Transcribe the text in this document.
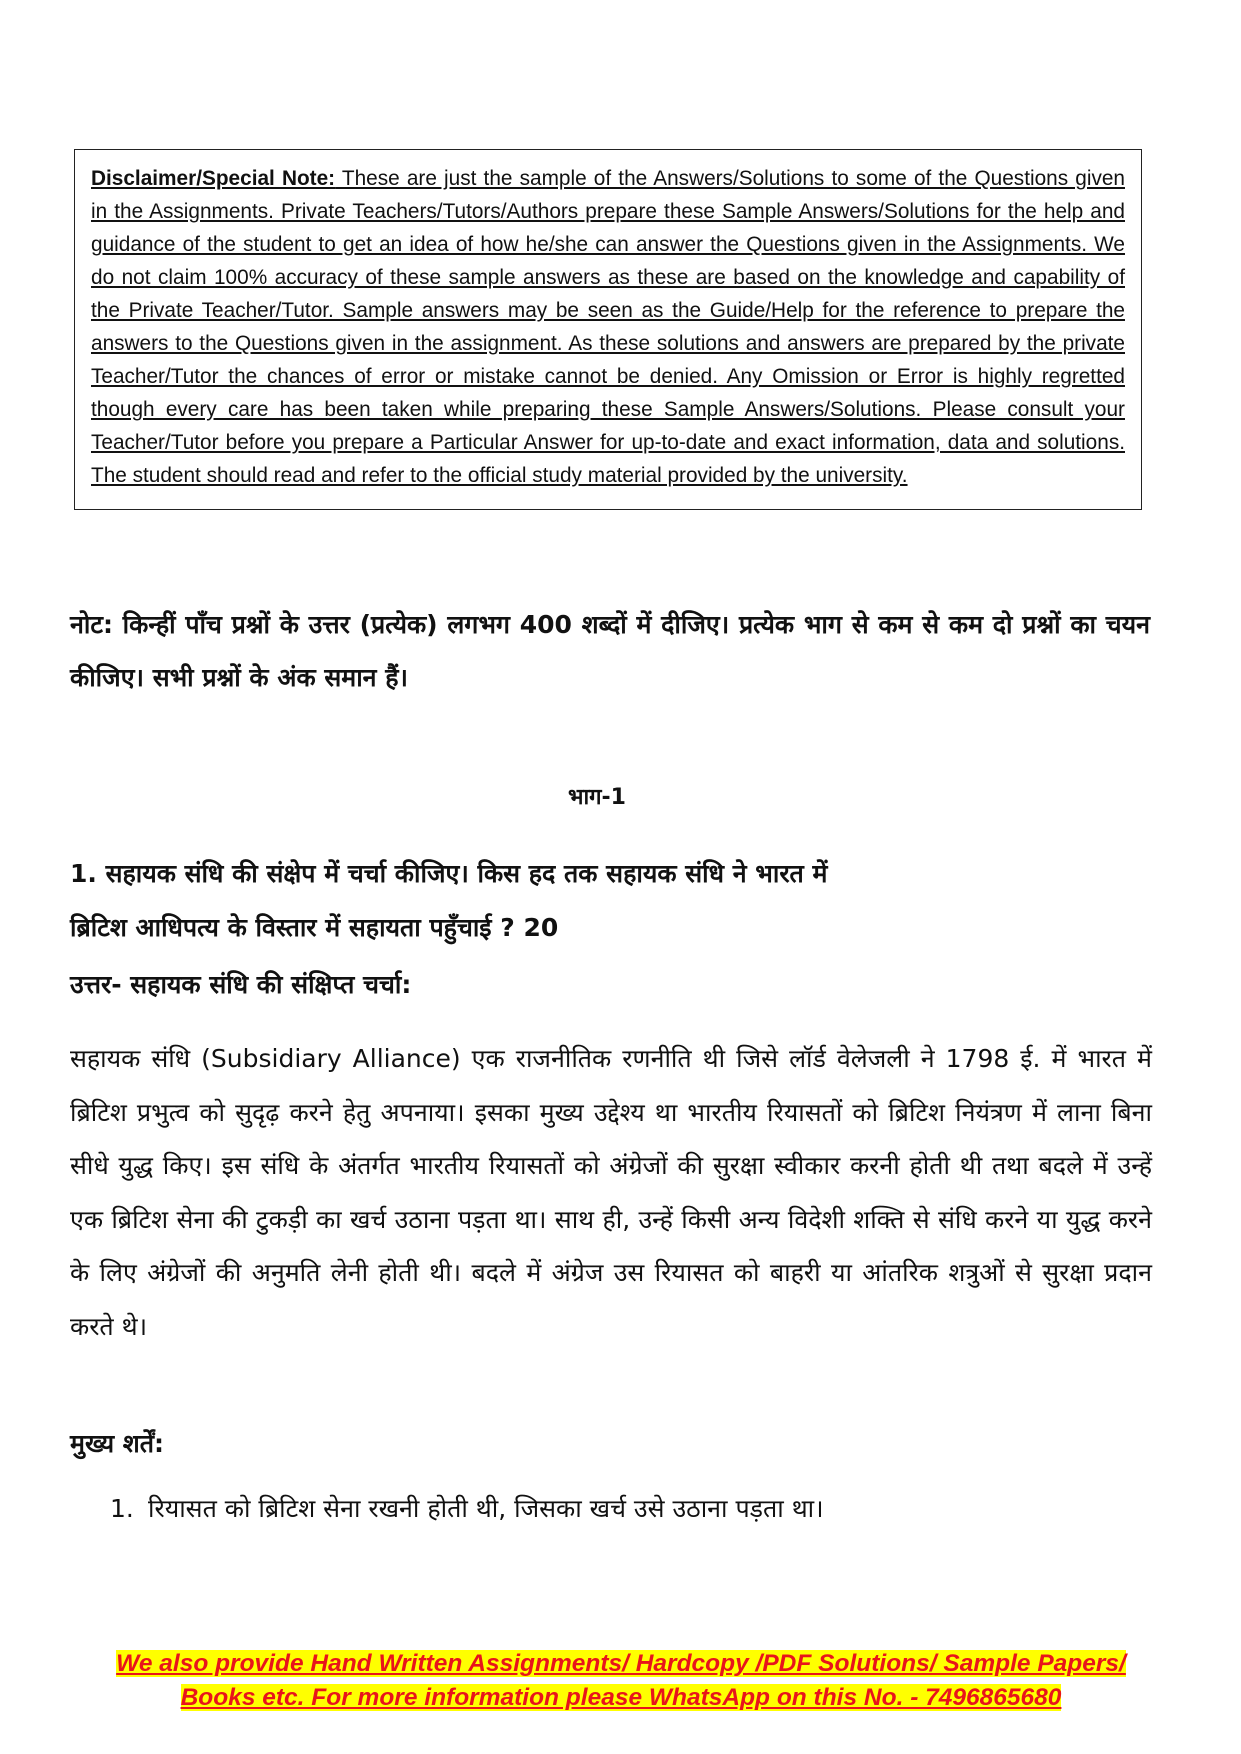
Disclaimer/Special Note: These are just the sample of the Answers/Solutions to some of the Questions given in the Assignments. Private Teachers/Tutors/Authors prepare these Sample Answers/Solutions for the help and guidance of the student to get an idea of how he/she can answer the Questions given in the Assignments. We do not claim 100% accuracy of these sample answers as these are based on the knowledge and capability of the Private Teacher/Tutor. Sample answers may be seen as the Guide/Help for the reference to prepare the answers to the Questions given in the assignment. As these solutions and answers are prepared by the private Teacher/Tutor the chances of error or mistake cannot be denied. Any Omission or Error is highly regretted though every care has been taken while preparing these Sample Answers/Solutions. Please consult your Teacher/Tutor before you prepare a Particular Answer for up-to-date and exact information, data and solutions. The student should read and refer to the official study material provided by the university.
नोट: किन्हीं पाँच प्रश्नों के उत्तर (प्रत्येक) लगभग 400 शब्दों में दीजिए। प्रत्येक भाग से कम से कम दो प्रश्नों का चयन कीजिए। सभी प्रश्नों के अंक समान हैं।
भाग-1
1. सहायक संधि की संक्षेप में चर्चा कीजिए। किस हद तक सहायक संधि ने भारत में
ब्रिटिश आधिपत्य के विस्तार में सहायता पहुँचाई ? 20
उत्तर- सहायक संधि की संक्षिप्त चर्चा:
सहायक संधि (Subsidiary Alliance) एक राजनीतिक रणनीति थी जिसे लॉर्ड वेलेजली ने 1798 ई. में भारत में ब्रिटिश प्रभुत्व को सुदृढ़ करने हेतु अपनाया। इसका मुख्य उद्देश्य था भारतीय रियासतों को ब्रिटिश नियंत्रण में लाना बिना सीधे युद्ध किए। इस संधि के अंतर्गत भारतीय रियासतों को अंग्रेजों की सुरक्षा स्वीकार करनी होती थी तथा बदले में उन्हें एक ब्रिटिश सेना की टुकड़ी का खर्च उठाना पड़ता था। साथ ही, उन्हें किसी अन्य विदेशी शक्ति से संधि करने या युद्ध करने के लिए अंग्रेजों की अनुमति लेनी होती थी। बदले में अंग्रेज उस रियासत को बाहरी या आंतरिक शत्रुओं से सुरक्षा प्रदान करते थे।
मुख्य शर्तें:
1. रियासत को ब्रिटिश सेना रखनी होती थी, जिसका खर्च उसे उठाना पड़ता था।
We also provide Hand Written Assignments/ Hardcopy /PDF Solutions/ Sample Papers/
Books etc. For more information please WhatsApp on this No. - 7496865680
